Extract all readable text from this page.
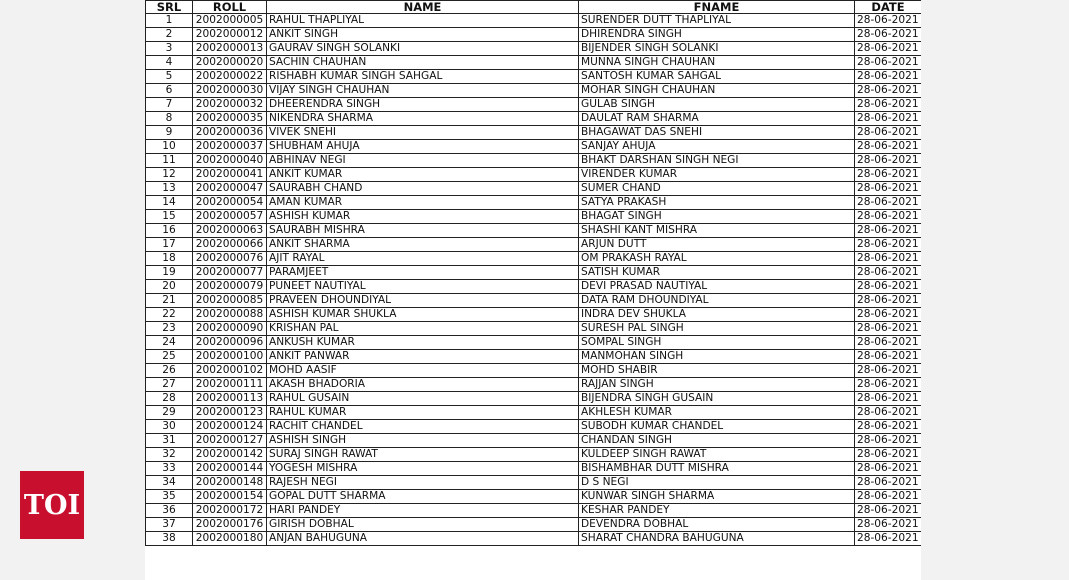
SRL	ROLL	NAME	FNAME	DATE
1	2002000005	RAHUL THAPLIYAL	SURENDER DUTT THAPLIYAL	28-06-2021
2	2002000012	ANKIT SINGH	DHIRENDRA SINGH	28-06-2021
3	2002000013	GAURAV SINGH SOLANKI	BIJENDER SINGH SOLANKI	28-06-2021
4	2002000020	SACHIN CHAUHAN	MUNNA SINGH CHAUHAN	28-06-2021
5	2002000022	RISHABH KUMAR SINGH SAHGAL	SANTOSH KUMAR SAHGAL	28-06-2021
6	2002000030	VIJAY SINGH CHAUHAN	MOHAR SINGH CHAUHAN	28-06-2021
7	2002000032	DHEERENDRA SINGH	GULAB SINGH	28-06-2021
8	2002000035	NIKENDRA SHARMA	DAULAT RAM SHARMA	28-06-2021
9	2002000036	VIVEK SNEHI	BHAGAWAT DAS SNEHI	28-06-2021
10	2002000037	SHUBHAM AHUJA	SANJAY AHUJA	28-06-2021
11	2002000040	ABHINAV NEGI	BHAKT DARSHAN SINGH NEGI	28-06-2021
12	2002000041	ANKIT KUMAR	VIRENDER KUMAR	28-06-2021
13	2002000047	SAURABH CHAND	SUMER CHAND	28-06-2021
14	2002000054	AMAN KUMAR	SATYA PRAKASH	28-06-2021
15	2002000057	ASHISH KUMAR	BHAGAT SINGH	28-06-2021
16	2002000063	SAURABH MISHRA	SHASHI KANT MISHRA	28-06-2021
17	2002000066	ANKIT SHARMA	ARJUN DUTT	28-06-2021
18	2002000076	AJIT RAYAL	OM PRAKASH RAYAL	28-06-2021
19	2002000077	PARAMJEET	SATISH KUMAR	28-06-2021
20	2002000079	PUNEET NAUTIYAL	DEVI PRASAD NAUTIYAL	28-06-2021
21	2002000085	PRAVEEN DHOUNDIYAL	DATA RAM DHOUNDIYAL	28-06-2021
22	2002000088	ASHISH KUMAR SHUKLA	INDRA DEV SHUKLA	28-06-2021
23	2002000090	KRISHAN PAL	SURESH PAL SINGH	28-06-2021
24	2002000096	ANKUSH KUMAR	SOMPAL SINGH	28-06-2021
25	2002000100	ANKIT PANWAR	MANMOHAN SINGH	28-06-2021
26	2002000102	MOHD AASIF	MOHD SHABIR	28-06-2021
27	2002000111	AKASH BHADORIA	RAJJAN SINGH	28-06-2021
28	2002000113	RAHUL GUSAIN	BIJENDRA SINGH GUSAIN	28-06-2021
29	2002000123	RAHUL KUMAR	AKHLESH KUMAR	28-06-2021
30	2002000124	RACHIT CHANDEL	SUBODH KUMAR CHANDEL	28-06-2021
31	2002000127	ASHISH SINGH	CHANDAN SINGH	28-06-2021
32	2002000142	SURAJ SINGH RAWAT	KULDEEP SINGH RAWAT	28-06-2021
33	2002000144	YOGESH MISHRA	BISHAMBHAR DUTT MISHRA	28-06-2021
34	2002000148	RAJESH NEGI	D S NEGI	28-06-2021
35	2002000154	GOPAL DUTT SHARMA	KUNWAR SINGH SHARMA	28-06-2021
36	2002000172	HARI PANDEY	KESHAR PANDEY	28-06-2021
37	2002000176	GIRISH DOBHAL	DEVENDRA DOBHAL	28-06-2021
38	2002000180	ANJAN BAHUGUNA	SHARAT CHANDRA BAHUGUNA	28-06-2021
TOI
